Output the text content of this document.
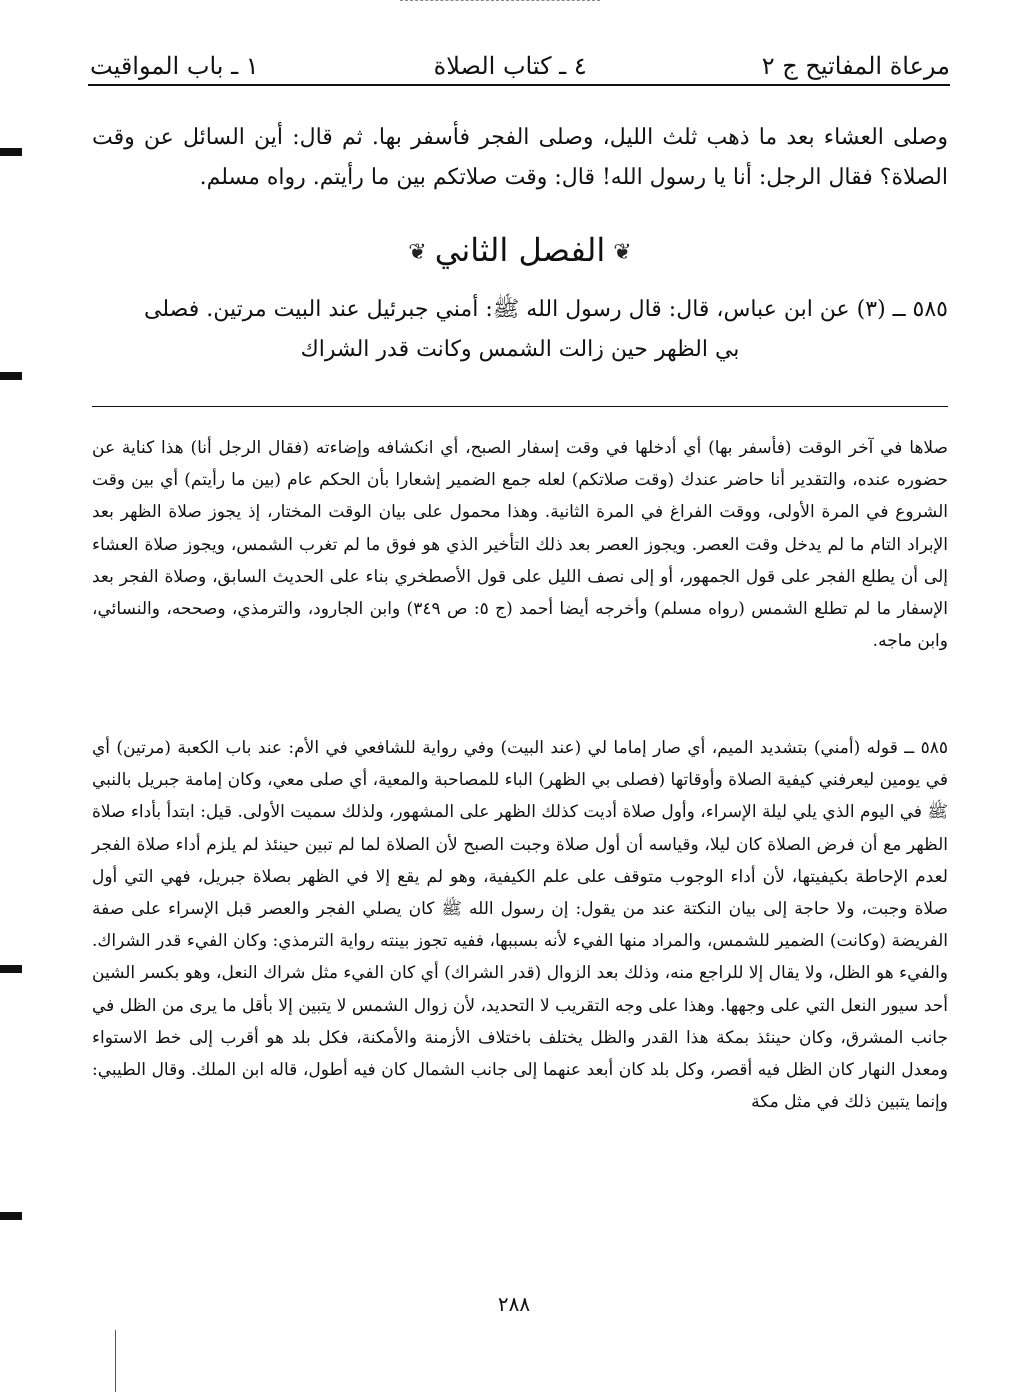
مرعاة المفاتيح ج ٢
٤ ـ كتاب الصلاة
١ ـ باب المواقيت
وصلى العشاء بعد ما ذهب ثلث الليل، وصلى الفجر فأسفر بها. ثم قال: أين السائل عن وقت الصلاة؟ فقال الرجل: أنا يا رسول الله! قال: وقت صلاتكم بين ما رأيتم. رواه مسلم.
❦الفصل الثاني❦
٥٨٥ ــ (٣) عن ابن عباس، قال: قال رسول الله ﷺ: أمني جبرئيل عند البيت مرتين. فصلى
بي الظهر حين زالت الشمس وكانت قدر الشراك

صلاها في آخر الوقت (فأسفر بها) أي أدخلها في وقت إسفار الصبح، أي انكشافه وإضاءته (فقال الرجل أنا) هذا كناية عن حضوره عنده، والتقدير أنا حاضر عندك (وقت صلاتكم) لعله جمع الضمير إشعارا بأن الحكم عام (بين ما رأيتم) أي بين وقت الشروع في المرة الأولى، ووقت الفراغ في المرة الثانية. وهذا محمول على بيان الوقت المختار، إذ يجوز صلاة الظهر بعد الإبراد التام ما لم يدخل وقت العصر. ويجوز العصر بعد ذلك التأخير الذي هو فوق ما لم تغرب الشمس، ويجوز صلاة العشاء إلى أن يطلع الفجر على قول الجمهور، أو إلى نصف الليل على قول الأصطخري بناء على الحديث السابق، وصلاة الفجر بعد الإسفار ما لم تطلع الشمس (رواه مسلم) وأخرجه أيضا أحمد (ج ٥: ص ٣٤٩) وابن الجارود، والترمذي، وصححه، والنسائي، وابن ماجه.

٥٨٥ ــ قوله (أمني) بتشديد الميم، أي صار إماما لي (عند البيت) وفي رواية للشافعي في الأم: عند باب الكعبة (مرتين) أي في يومين ليعرفني كيفية الصلاة وأوقاتها (فصلى بي الظهر) الباء للمصاحبة والمعية، أي صلى معي، وكان إمامة جبريل بالنبي ﷺ في اليوم الذي يلي ليلة الإسراء، وأول صلاة أديت كذلك الظهر على المشهور، ولذلك سميت الأولى. قيل: ابتدأ بأداء صلاة الظهر مع أن فرض الصلاة كان ليلا، وقياسه أن أول صلاة وجبت الصبح لأن الصلاة لما لم تبين حينئذ لم يلزم أداء صلاة الفجر لعدم الإحاطة بكيفيتها، لأن أداء الوجوب متوقف على علم الكيفية، وهو لم يقع إلا في الظهر بصلاة جبريل، فهي التي أول صلاة وجبت، ولا حاجة إلى بيان النكتة عند من يقول: إن رسول الله ﷺ كان يصلي الفجر والعصر قبل الإسراء على صفة الفريضة (وكانت) الضمير للشمس، والمراد منها الفيء لأنه بسببها، ففيه تجوز بينته رواية الترمذي: وكان الفيء قدر الشراك. والفيء هو الظل، ولا يقال إلا للراجع منه، وذلك بعد الزوال (قدر الشراك) أي كان الفيء مثل شراك النعل، وهو بكسر الشين أحد سيور النعل التي على وجهها. وهذا على وجه التقريب لا التحديد، لأن زوال الشمس لا يتبين إلا بأقل ما يرى من الظل في جانب المشرق، وكان حينئذ بمكة هذا القدر والظل يختلف باختلاف الأزمنة والأمكنة، فكل بلد هو أقرب إلى خط الاستواء ومعدل النهار كان الظل فيه أقصر، وكل بلد كان أبعد عنهما إلى جانب الشمال كان فيه أطول، قاله ابن الملك. وقال الطيبي: وإنما يتبين ذلك في مثل مكة

٢٨٨
